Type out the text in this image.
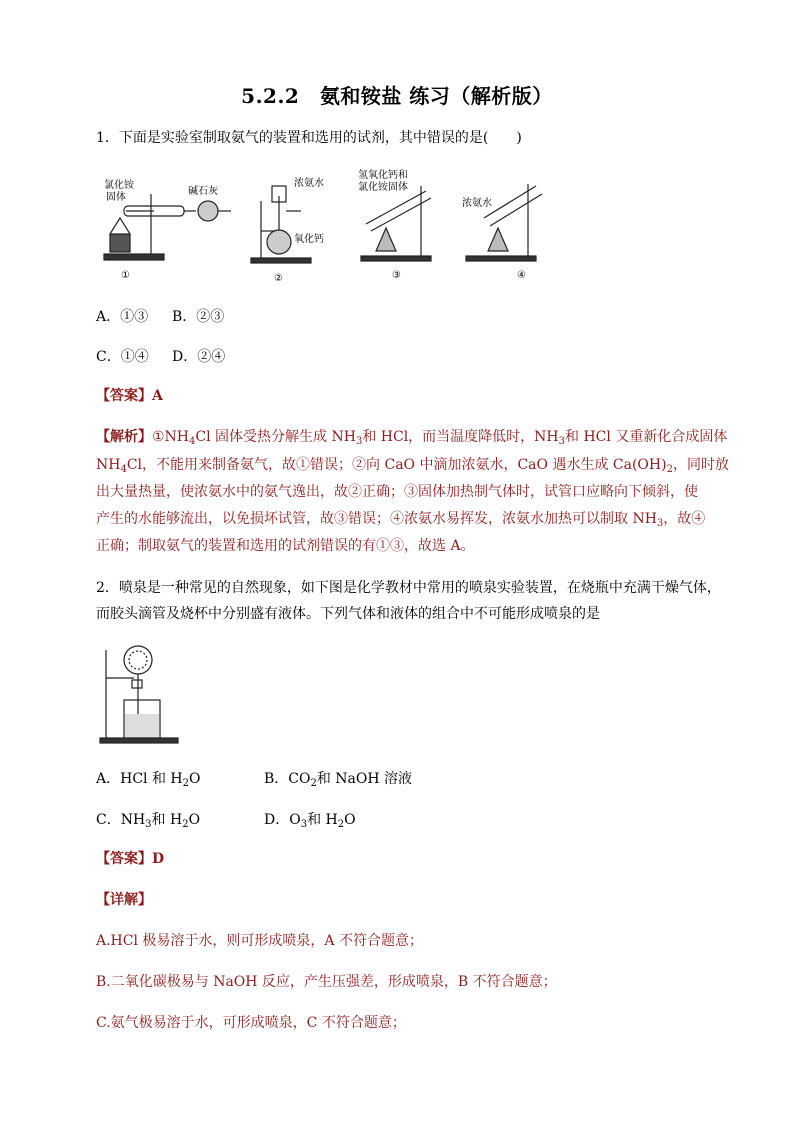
5.2.2　氨和铵盐 练习（解析版）
1．下面是实验室制取氨气的装置和选用的试剂，其中错误的是(　　)
氯化铵
固体
碱石灰
①
浓氨水
氧化钙
②
氢氧化钙和
氯化铵固体
③
浓氨水
④
A．①③ B．②③
C．①④ D．②④
【答案】A
【解析】$①NH_4Cl$ 固体受热分解生成 $NH_3$和 HCl，而当温度降低时，$NH_3$和 HCl 又重新化合成固体
$NH_4Cl$，不能用来制备氨气，故①错误；②向 CaO 中滴加浓氨水，CaO 遇水生成 $Ca(OH)_2$，同时放
出大量热量，使浓氨水中的氨气逸出，故②正确；③固体加热制气体时，试管口应略向下倾斜，使
产生的水能够流出，以免损坏试管，故③错误；④浓氨水易挥发，浓氨水加热可以制取 $NH_3$，故④
正确；制取氨气的装置和选用的试剂错误的有①③，故选 A。
2．喷泉是一种常见的自然现象，如下图是化学教材中常用的喷泉实验装置，在烧瓶中充满干燥气体，
而胶头滴管及烧杯中分别盛有液体。下列气体和液体的组合中不可能形成喷泉的是
A．HCl 和 $H_2O$	B．$CO_2$和 NaOH 溶液
C．$NH_3$和 $H_2O$	D．$O_3$和 $H_2O$
【答案】D
【详解】
A.HCl 极易溶于水，则可形成喷泉，A 不符合题意；
B.二氧化碳极易与 NaOH 反应，产生压强差，形成喷泉，B 不符合题意；
C.氨气极易溶于水，可形成喷泉，C 不符合题意；
